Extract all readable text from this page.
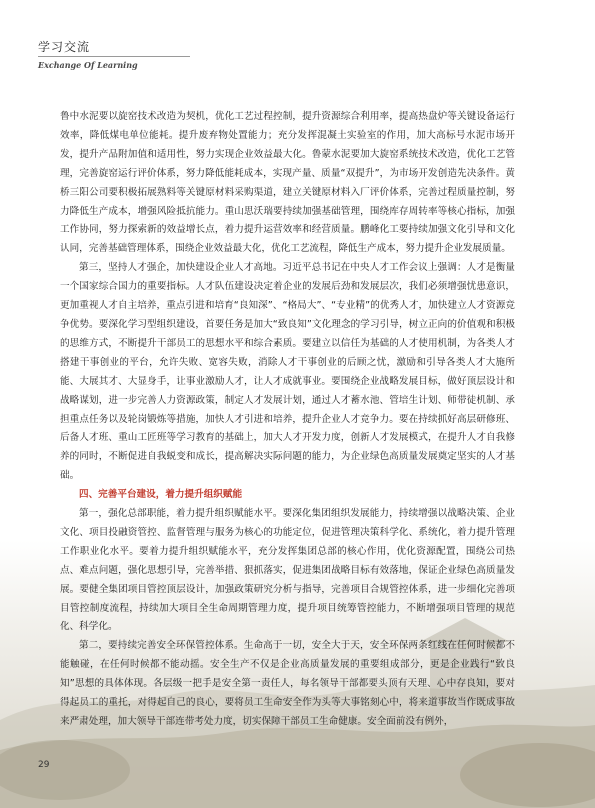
学习交流
Exchange Of Learning

鲁中水泥要以旋窑技术改造为契机，优化工艺过程控制，提升资源综合利用率，提高热盘炉等关键设备运行效率，降低煤电单位能耗。提升废弃物处置能力；充分发挥混凝土实验室的作用，加大高标号水泥市场开发，提升产品附加值和适用性，努力实现企业效益最大化。鲁蒙水泥要加大旋窑系统技术改造，优化工艺管理，完善旋窑运行评价体系，努力降低能耗成本，实现产量、质量“双提升”，为市场开发创造先决条件。黄桥三阳公司要积极拓展熟料等关键原材料采购渠道，建立关键原材料入厂评价体系，完善过程质量控制，努力降低生产成本，增强风险抵抗能力。重山思沃瑞要持续加强基础管理，围绕库存周转率等核心指标，加强工作协同，努力探索新的效益增长点，着力提升运营效率和经营质量。鹏峰化工要持续加强文化引导和文化认同，完善基础管理体系，围绕企业效益最大化，优化工艺流程，降低生产成本，努力提升企业发展质量。

第三，坚持人才强企，加快建设企业人才高地。习近平总书记在中央人才工作会议上强调：人才是衡量一个国家综合国力的重要指标。人才队伍建设决定着企业的发展后劲和发展层次，我们必须增强忧患意识，更加重视人才自主培养，重点引进和培育“良知深”、“格局大”、“专业精”的优秀人才，加快建立人才资源竞争优势。要深化学习型组织建设，首要任务是加大“致良知”文化理念的学习引导，树立正向的价值观和积极的思维方式，不断提升干部员工的思想水平和综合素质。要建立以信任为基础的人才使用机制，为各类人才搭建干事创业的平台，允许失败、宽容失败，消除人才干事创业的后顾之忧，激励和引导各类人才大施所能、大展其才、大显身手，让事业激励人才，让人才成就事业。要围绕企业战略发展目标，做好顶层设计和战略谋划，进一步完善人力资源政策，制定人才发展计划，通过人才蓄水池、管培生计划、师带徒机制、承担重点任务以及轮岗锻炼等措施，加快人才引进和培养，提升企业人才竞争力。要在持续抓好高层研修班、后备人才班、重山工匠班等学习教育的基础上，加大人才开发力度，创新人才发展模式，在提升人才自我修养的同时，不断促进自我蜕变和成长，提高解决实际问题的能力，为企业绿色高质量发展奠定坚实的人才基础。

四、完善平台建设，着力提升组织赋能

第一，强化总部职能，着力提升组织赋能水平。要深化集团组织发展能力，持续增强以战略决策、企业文化、项目投融资管控、监督管理与服务为核心的功能定位，促进管理决策科学化、系统化，着力提升管理工作职业化水平。要着力提升组织赋能水平，充分发挥集团总部的核心作用，优化资源配置，围绕公司热点、难点问题，强化思想引导，完善举措、狠抓落实，促进集团战略目标有效落地，保证企业绿色高质量发展。要健全集团项目管控顶层设计，加强政策研究分析与指导，完善项目合规管控体系，进一步细化完善项目管控制度流程，持续加大项目全生命周期管理力度，提升项目统筹管控能力，不断增强项目管理的规范化、科学化。

第二，要持续完善安全环保管控体系。生命高于一切，安全大于天，安全环保两条红线在任何时候都不能触碰，在任何时候都不能动摇。安全生产不仅是企业高质量发展的重要组成部分，更是企业践行“致良知”思想的具体体现。各层级一把手是安全第一责任人，每名领导干部都要头顶有天理、心中存良知，要对得起员工的重托，对得起自己的良心，要将员工生命安全作为头等大事铭刻心中，将来道事故当作既成事故来严肃处理，加大领导干部连带考处力度，切实保障干部员工生命健康。安全面前没有例外，

29
